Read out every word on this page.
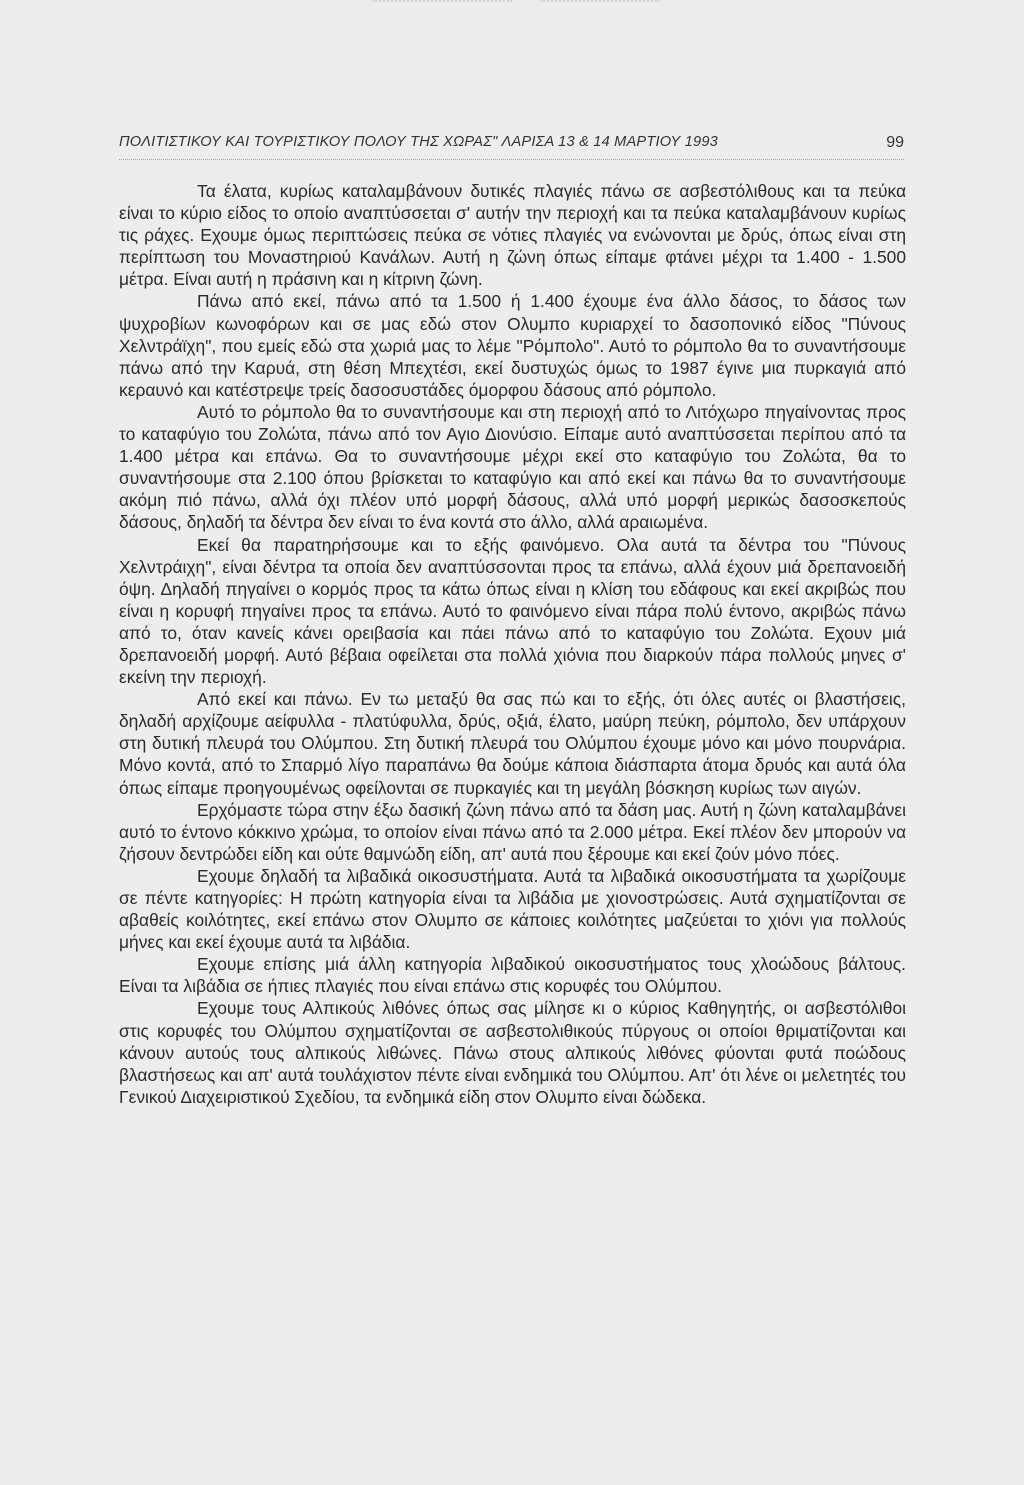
ΠΟΛΙΤΙΣΤΙΚΟΥ ΚΑΙ ΤΟΥΡΙΣΤΙΚΟΥ ΠΟΛΟΥ ΤΗΣ ΧΩΡΑΣ" ΛΑΡΙΣΑ 13 & 14 ΜΑΡΤΙΟΥ 1993	99

Τα έλατα, κυρίως καταλαμβάνουν δυτικές πλαγιές πάνω σε ασβεστόλιθους και τα πεύκα είναι το κύριο είδος το οποίο αναπτύσσεται σ' αυτήν την περιοχή και τα πεύκα καταλαμβάνουν κυρίως τις ράχες. Εχουμε όμως περιπτώσεις πεύκα σε νότιες πλαγιές να ενώνονται με δρύς, όπως είναι στη περίπτωση του Μοναστηριού Κανάλων. Αυτή η ζώνη όπως είπαμε φτάνει μέχρι τα 1.400 - 1.500 μέτρα. Είναι αυτή η πράσινη και η κίτρινη ζώνη.

Πάνω από εκεί, πάνω από τα 1.500 ή 1.400 έχουμε ένα άλλο δάσος, το δάσος των ψυχροβίων κωνοφόρων και σε μας εδώ στον Ολυμπο κυριαρχεί το δασοπονικό είδος "Πύνους Χελντράϊχη", που εμείς εδώ στα χωριά μας το λέμε "Ρόμπολο". Αυτό το ρόμπολο θα το συναντήσουμε πάνω από την Καρυά, στη θέση Μπεχτέσι, εκεί δυστυχώς όμως το 1987 έγινε μια πυρκαγιά από κεραυνό και κατέστρεψε τρείς δασοσυστάδες όμορφου δάσους από ρόμπολο.

Αυτό το ρόμπολο θα το συναντήσουμε και στη περιοχή από το Λιτόχωρο πηγαίνοντας προς το καταφύγιο του Ζολώτα, πάνω από τον Αγιο Διονύσιο. Είπαμε αυτό αναπτύσσεται περίπου από τα 1.400 μέτρα και επάνω. Θα το συναντήσουμε μέχρι εκεί στο καταφύγιο του Ζολώτα, θα το συναντήσουμε στα 2.100 όπου βρίσκεται το καταφύγιο και από εκεί και πάνω θα το συναντήσουμε ακόμη πιό πάνω, αλλά όχι πλέον υπό μορφή δάσους, αλλά υπό μορφή μερικώς δασοσκεπούς δάσους, δηλαδή τα δέντρα δεν είναι το ένα κοντά στο άλλο, αλλά αραιωμένα.

Εκεί θα παρατηρήσουμε και το εξής φαινόμενο. Ολα αυτά τα δέντρα του "Πύνους Χελντράιχη", είναι δέντρα τα οποία δεν αναπτύσσονται προς τα επάνω, αλλά έχουν μιά δρεπανοειδή όψη. Δηλαδή πηγαίνει ο κορμός προς τα κάτω όπως είναι η κλίση του εδάφους και εκεί ακριβώς που είναι η κορυφή πηγαίνει προς τα επάνω. Αυτό το φαινόμενο είναι πάρα πολύ έντονο, ακριβώς πάνω από το, όταν κανείς κάνει ορειβασία και πάει πάνω από το καταφύγιο του Ζολώτα. Εχουν μιά δρεπανοειδή μορφή. Αυτό βέβαια οφείλεται στα πολλά χιόνια που διαρκούν πάρα πολλούς μηνες σ' εκείνη την περιοχή.

Από εκεί και πάνω. Εν τω μεταξύ θα σας πώ και το εξής, ότι όλες αυτές οι βλαστήσεις, δηλαδή αρχίζουμε αείφυλλα - πλατύφυλλα, δρύς, οξιά, έλατο, μαύρη πεύκη, ρόμπολο, δεν υπάρχουν στη δυτική πλευρά του Ολύμπου. Στη δυτική πλευρά του Ολύμπου έχουμε μόνο και μόνο πουρνάρια. Μόνο κοντά, από το Σπαρμό λίγο παραπάνω θα δούμε κάποια διάσπαρτα άτομα δρυός και αυτά όλα όπως είπαμε προηγουμένως οφείλονται σε πυρκαγιές και τη μεγάλη βόσκηση κυρίως των αιγών.

Ερχόμαστε τώρα στην έξω δασική ζώνη πάνω από τα δάση μας. Αυτή η ζώνη καταλαμβάνει αυτό το έντονο κόκκινο χρώμα, το οποίον είναι πάνω από τα 2.000 μέτρα. Εκεί πλέον δεν μπορούν να ζήσουν δεντρώδει είδη και ούτε θαμνώδη είδη, απ' αυτά που ξέρουμε και εκεί ζούν μόνο πόες.

Εχουμε δηλαδή τα λιβαδικά οικοσυστήματα. Αυτά τα λιβαδικά οικοσυστήματα τα χωρίζουμε σε πέντε κατηγορίες: Η πρώτη κατηγορία είναι τα λιβάδια με χιονοστρώσεις. Αυτά σχηματίζονται σε αβαθείς κοιλότητες, εκεί επάνω στον Ολυμπο σε κάποιες κοιλότητες μαζεύεται το χιόνι για πολλούς μήνες και εκεί έχουμε αυτά τα λιβάδια.

Εχουμε επίσης μιά άλλη κατηγορία λιβαδικού οικοσυστήματος τους χλοώδους βάλτους. Είναι τα λιβάδια σε ήπιες πλαγιές που είναι επάνω στις κορυφές του Ολύμπου.

Εχουμε τους Αλπικούς λιθόνες όπως σας μίλησε κι ο κύριος Καθηγητής, οι ασβεστόλιθοι στις κορυφές του Ολύμπου σχηματίζονται σε ασβεστολιθικούς πύργους οι οποίοι θριματίζονται και κάνουν αυτούς τους αλπικούς λιθώνες. Πάνω στους αλπικούς λιθόνες φύονται φυτά ποώδους βλαστήσεως και απ' αυτά τουλάχιστον πέντε είναι ενδημικά του Ολύμπου. Απ' ότι λένε οι μελετητές του Γενικού Διαχειριστικού Σχεδίου, τα ενδημικά είδη στον Ολυμπο είναι δώδεκα.
